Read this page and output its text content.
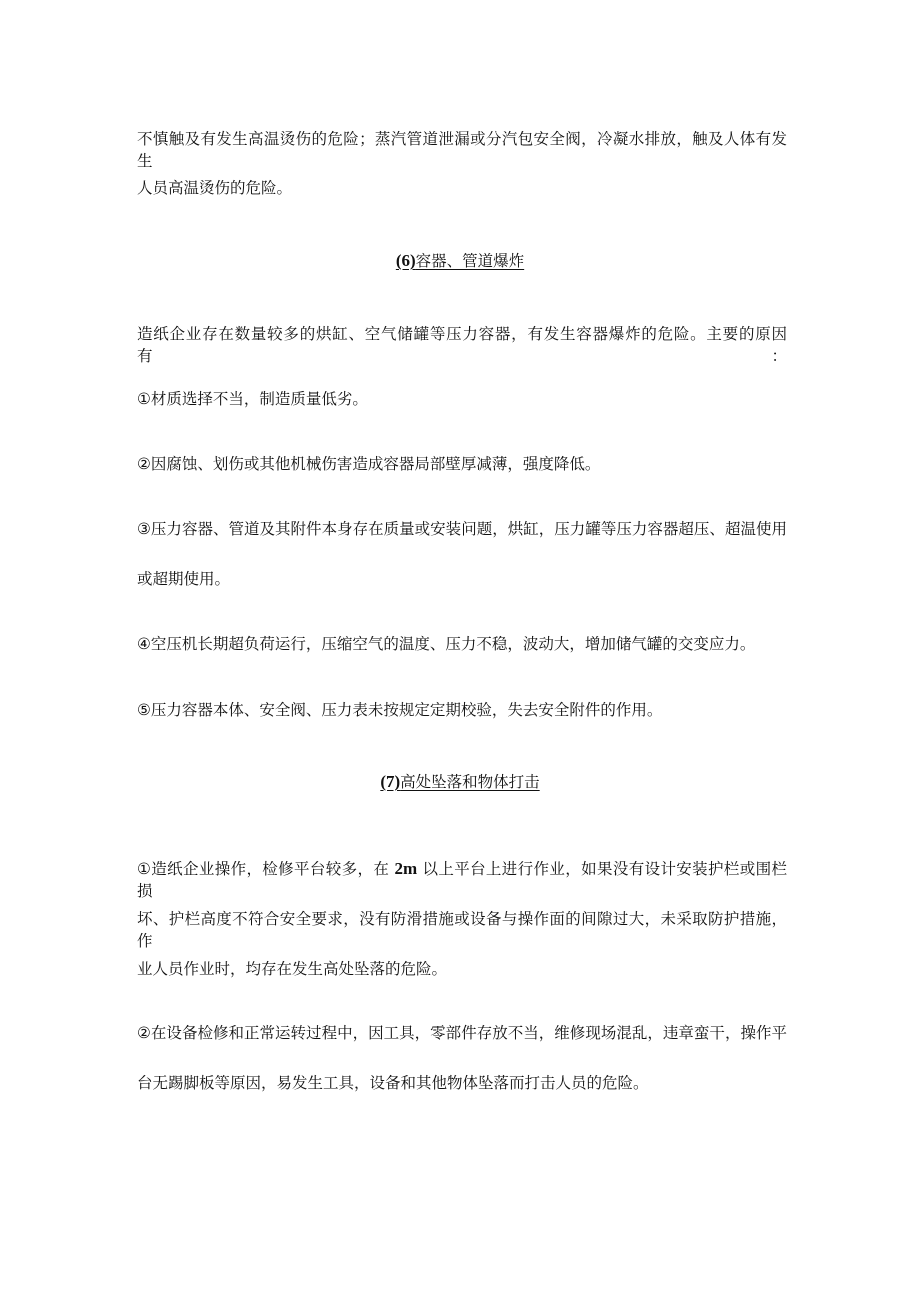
不慎触及有发生高温烫伤的危险；蒸汽管道泄漏或分汽包安全阀，冷凝水排放，触及人体有发生
人员高温烫伤的危险。
(6)容器、管道爆炸
造纸企业存在数量较多的烘缸、空气储罐等压力容器，有发生容器爆炸的危险。主要的原因有：
①材质选择不当，制造质量低劣。
②因腐蚀、划伤或其他机械伤害造成容器局部壁厚减薄，强度降低。
③压力容器、管道及其附件本身存在质量或安装问题，烘缸，压力罐等压力容器超压、超温使用
或超期使用。
④空压机长期超负荷运行，压缩空气的温度、压力不稳，波动大，增加储气罐的交变应力。
⑤压力容器本体、安全阀、压力表未按规定定期校验，失去安全附件的作用。
(7)高处坠落和物体打击
①造纸企业操作，检修平台较多，在 2m 以上平台上进行作业，如果没有设计安装护栏或围栏损
坏、护栏高度不符合安全要求，没有防滑措施或设备与操作面的间隙过大，未采取防护措施，作
业人员作业时，均存在发生高处坠落的危险。
②在设备检修和正常运转过程中，因工具，零部件存放不当，维修现场混乱，违章蛮干，操作平
台无踢脚板等原因，易发生工具，设备和其他物体坠落而打击人员的危险。
